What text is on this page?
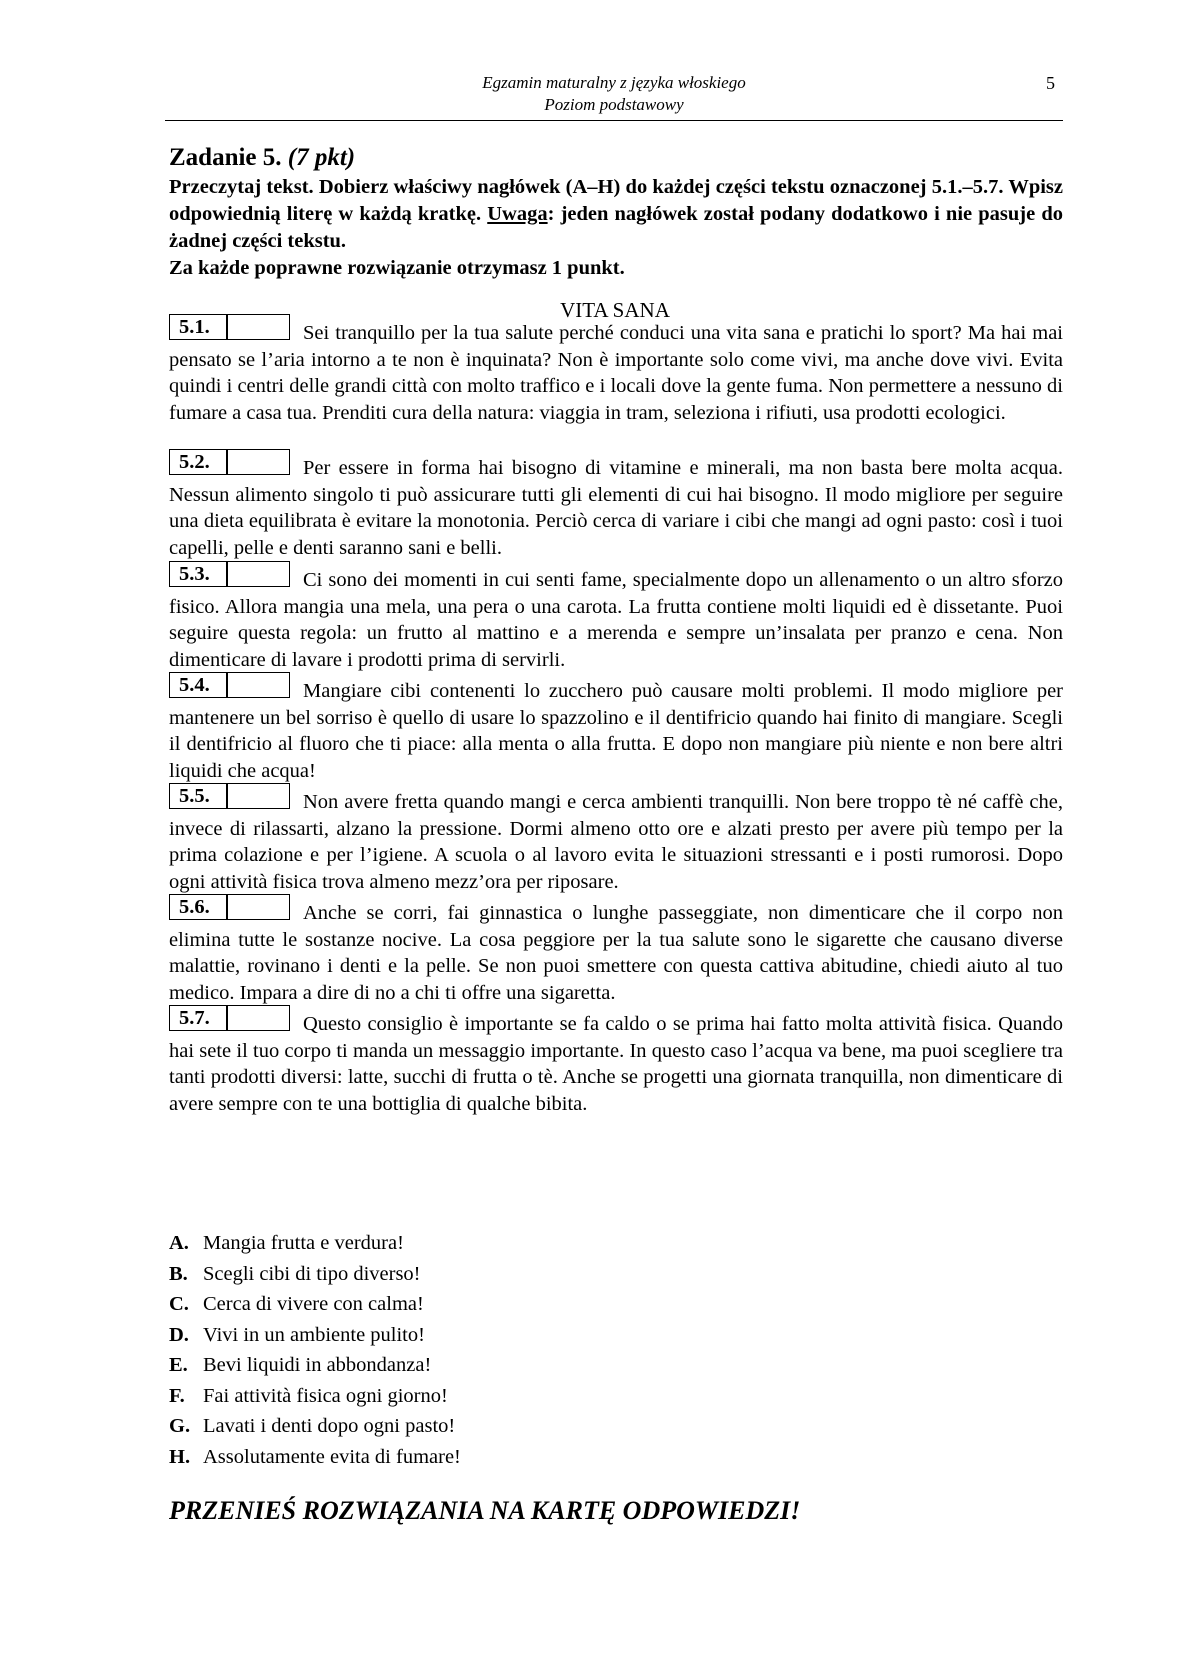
Egzamin maturalny z języka włoskiego
Poziom podstawowy
5
Zadanie 5. (7 pkt)
Przeczytaj tekst. Dobierz właściwy nagłówek (A–H) do każdej części tekstu oznaczonej 5.1.–5.7. Wpisz odpowiednią literę w każdą kratkę. Uwaga: jeden nagłówek został podany dodatkowo i nie pasuje do żadnej części tekstu.
Za każde poprawne rozwiązanie otrzymasz 1 punkt.
VITA SANA
5.1.	Sei tranquillo per la tua salute perché conduci una vita sana e pratichi lo sport? Ma hai mai pensato se l’aria intorno a te non è inquinata? Non è importante solo come vivi, ma anche dove vivi. Evita quindi i centri delle grandi città con molto traffico e i locali dove la gente fuma. Non permettere a nessuno di fumare a casa tua. Prenditi cura della natura: viaggia in tram, seleziona i rifiuti, usa prodotti ecologici.

5.2.	Per essere in forma hai bisogno di vitamine e minerali, ma non basta bere molta acqua. Nessun alimento singolo ti può assicurare tutti gli elementi di cui hai bisogno. Il modo migliore per seguire una dieta equilibrata è evitare la monotonia. Perciò cerca di variare i cibi che mangi ad ogni pasto: così i tuoi capelli, pelle e denti saranno sani e belli.

5.3.	Ci sono dei momenti in cui senti fame, specialmente dopo un allenamento o un altro sforzo fisico. Allora mangia una mela, una pera o una carota. La frutta contiene molti liquidi ed è dissetante. Puoi seguire questa regola: un frutto al mattino e a merenda e sempre un’insalata per pranzo e cena. Non dimenticare di lavare i prodotti prima di servirli.

5.4.	Mangiare cibi contenenti lo zucchero può causare molti problemi. Il modo migliore per mantenere un bel sorriso è quello di usare lo spazzolino e il dentifricio quando hai finito di mangiare. Scegli il dentifricio al fluoro che ti piace: alla menta o alla frutta. E dopo non mangiare più niente e non bere altri liquidi che acqua!

5.5.	Non avere fretta quando mangi e cerca ambienti tranquilli. Non bere troppo tè né caffè che, invece di rilassarti, alzano la pressione. Dormi almeno otto ore e alzati presto per avere più tempo per la prima colazione e per l’igiene. A scuola o al lavoro evita le situazioni stressanti e i posti rumorosi. Dopo ogni attività fisica trova almeno mezz’ora per riposare.

5.6.	Anche se corri, fai ginnastica o lunghe passeggiate, non dimenticare che il corpo non elimina tutte le sostanze nocive. La cosa peggiore per la tua salute sono le sigarette che causano diverse malattie, rovinano i denti e la pelle. Se non puoi smettere con questa cattiva abitudine, chiedi aiuto al tuo medico. Impara a dire di no a chi ti offre una sigaretta.

5.7.	Questo consiglio è importante se fa caldo o se prima hai fatto molta attività fisica. Quando hai sete il tuo corpo ti manda un messaggio importante. In questo caso l’acqua va bene, ma puoi scegliere tra tanti prodotti diversi: latte, succhi di frutta o tè. Anche se progetti una giornata tranquilla, non dimenticare di avere sempre con te una bottiglia di qualche bibita.

A. Mangia frutta e verdura!
B. Scegli cibi di tipo diverso!
C. Cerca di vivere con calma!
D. Vivi in un ambiente pulito!
E. Bevi liquidi in abbondanza!
F. Fai attività fisica ogni giorno!
G. Lavati i denti dopo ogni pasto!
H. Assolutamente evita di fumare!
PRZENIEŚ ROZWIĄZANIA NA KARTĘ ODPOWIEDZI!
